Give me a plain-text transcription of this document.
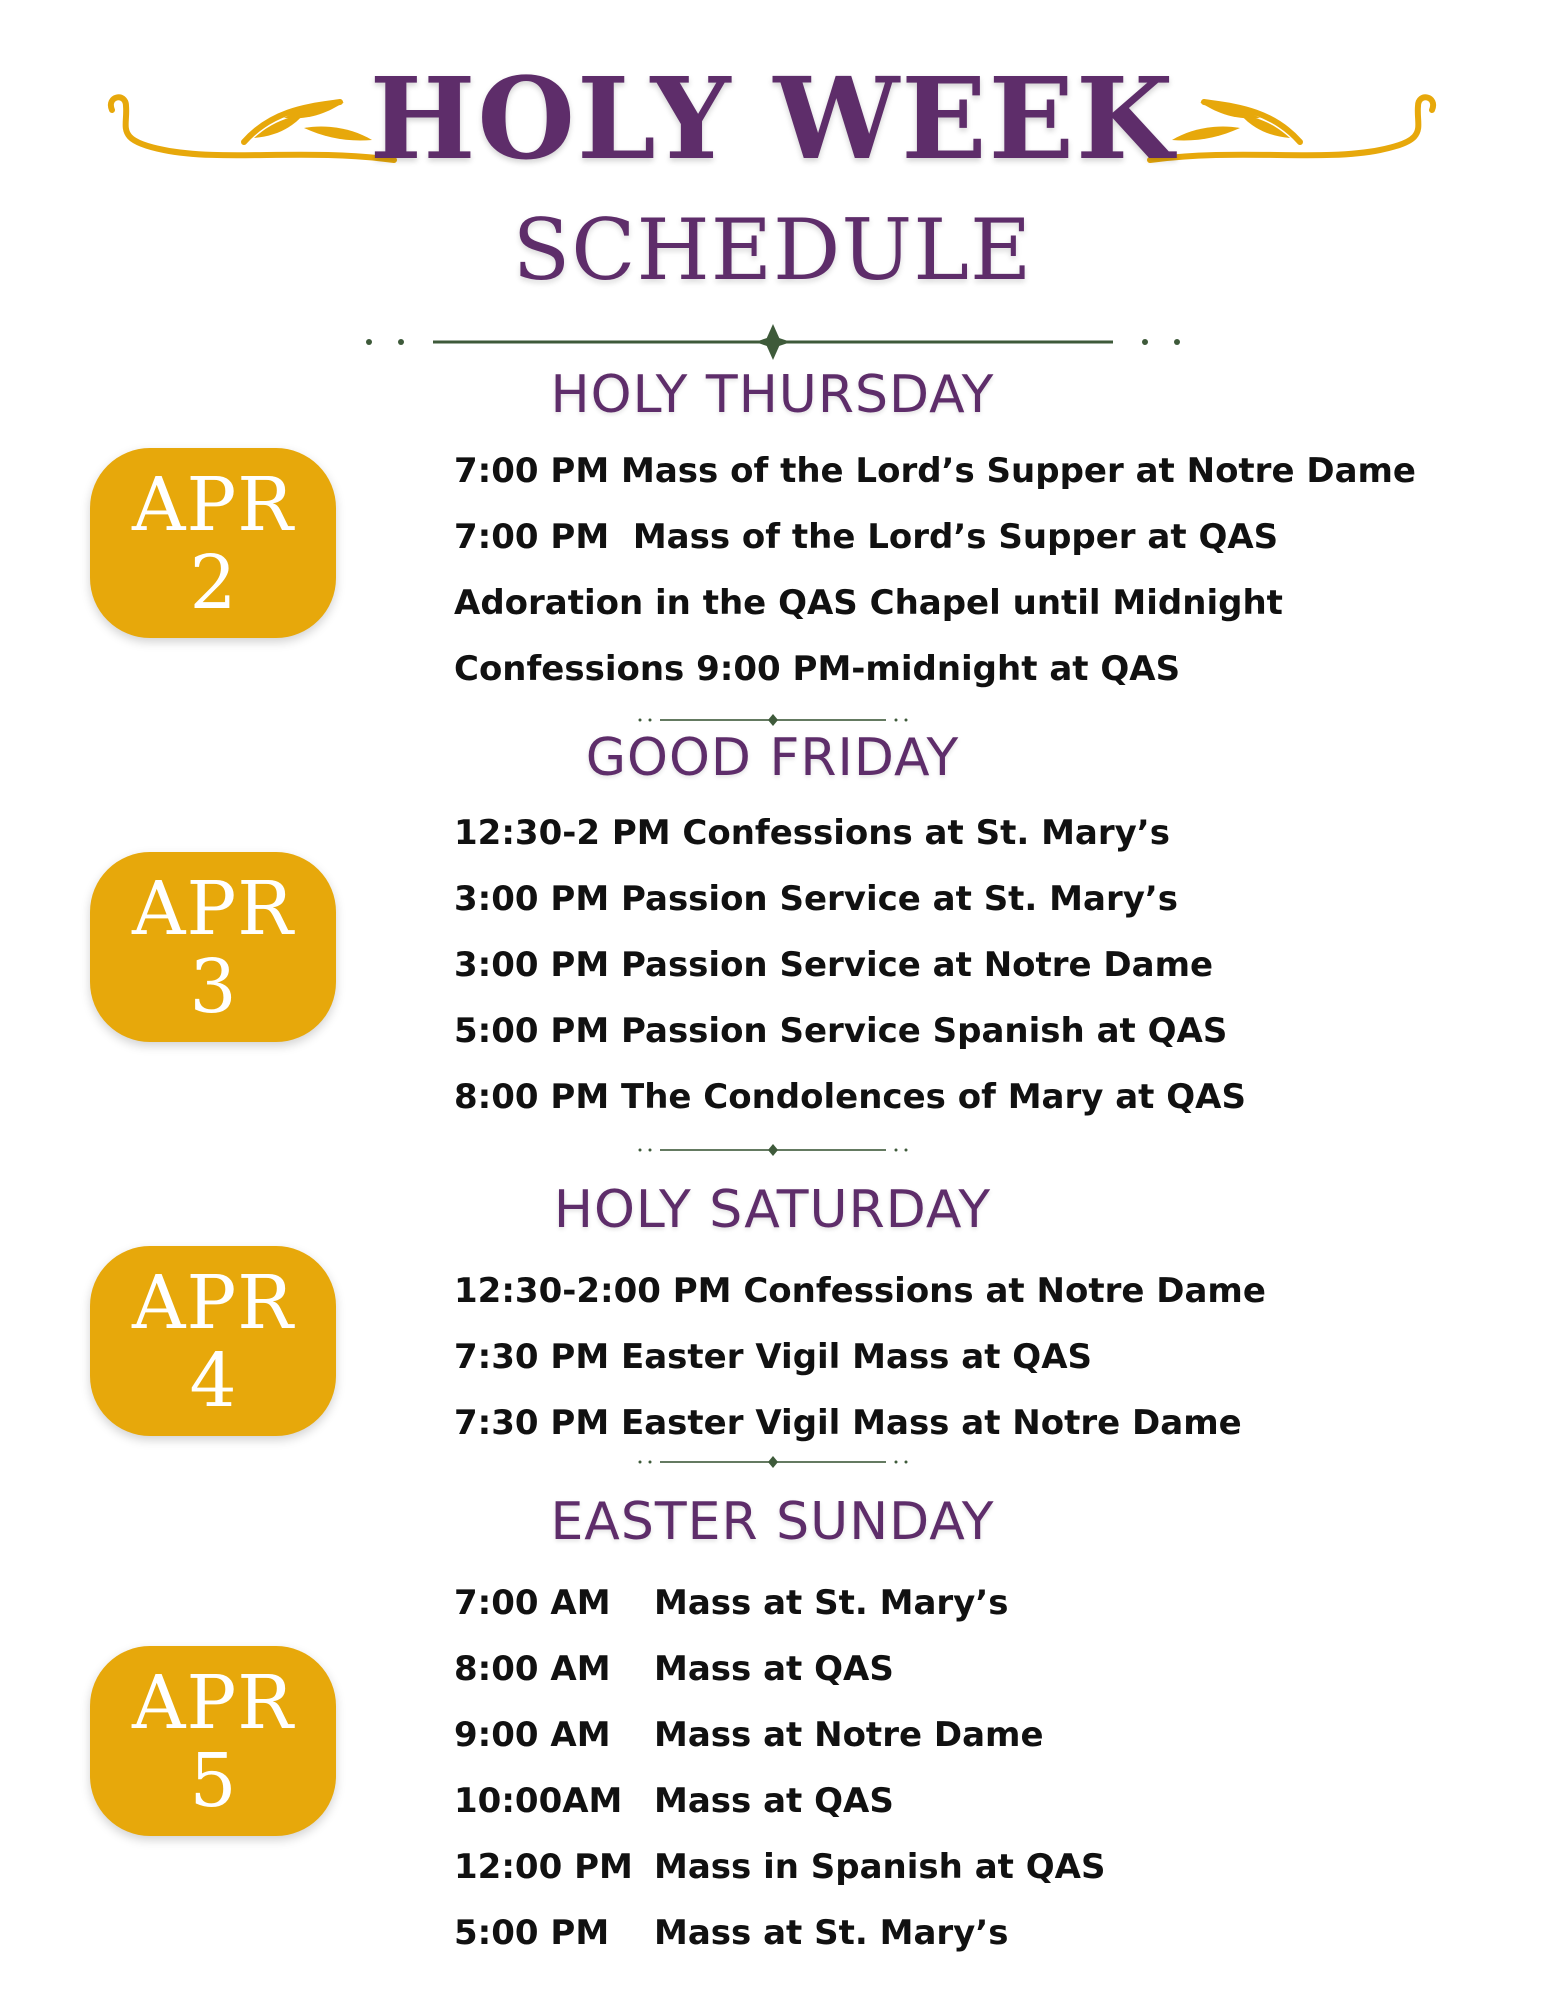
HOLY WEEK
SCHEDULE
HOLY THURSDAY
APR
2
7:00 PM Mass of the Lord’s Supper at Notre Dame
7:00 PM  Mass of the Lord’s Supper at QAS
Adoration in the QAS Chapel until Midnight
Confessions 9:00 PM-midnight at QAS
GOOD FRIDAY
APR
3
12:30-2 PM Confessions at St. Mary’s
3:00 PM Passion Service at St. Mary’s
3:00 PM Passion Service at Notre Dame
5:00 PM Passion Service Spanish at QAS
8:00 PM The Condolences of Mary at QAS
HOLY SATURDAY
APR
4
12:30-2:00 PM Confessions at Notre Dame
7:30 PM Easter Vigil Mass at QAS
7:30 PM Easter Vigil Mass at Notre Dame
EASTER SUNDAY
APR
5
7:00 AM Mass at St. Mary’s
8:00 AM Mass at QAS
9:00 AM Mass at Notre Dame
10:00AM Mass at QAS
12:00 PM Mass in Spanish at QAS
5:00 PM Mass at St. Mary’s
